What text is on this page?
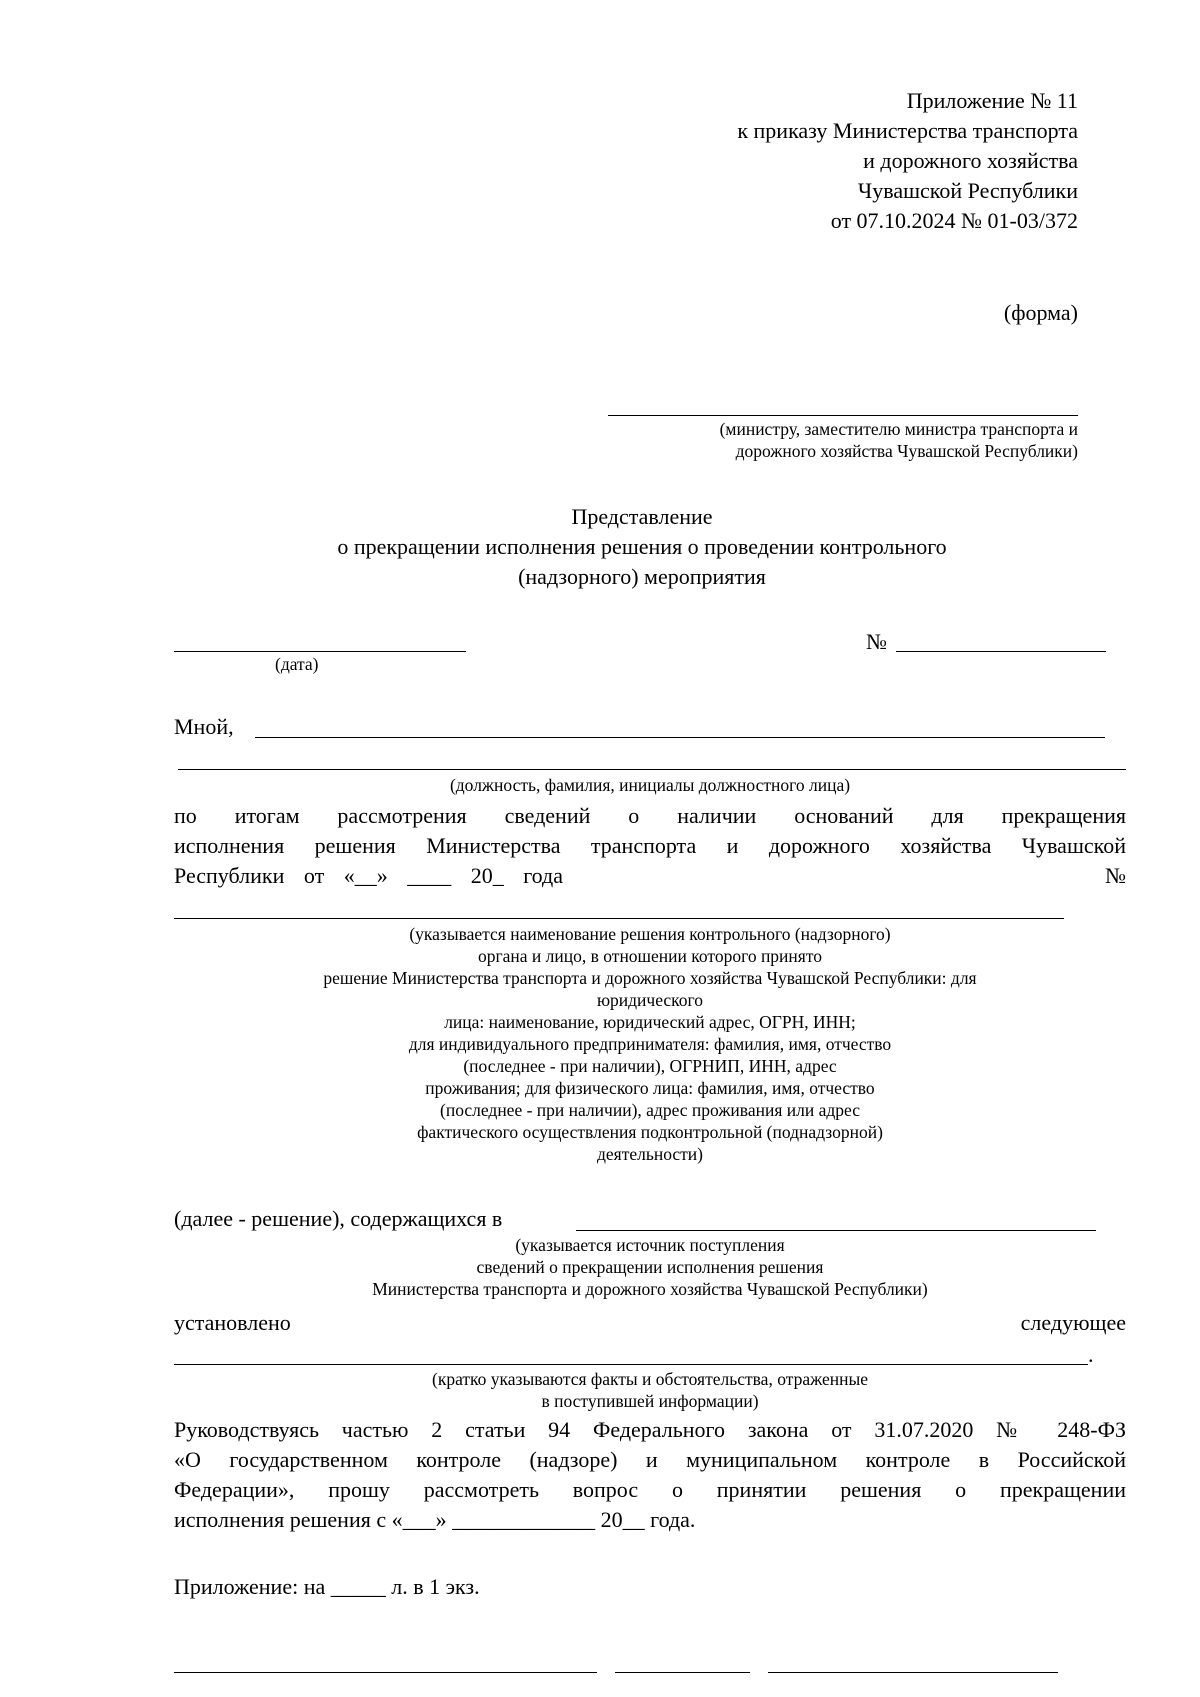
Приложение № 11
к приказу Министерства транспорта
и дорожного хозяйства
Чувашской Республики
от 07.10.2024 № 01-03/372
(форма)
(министру, заместителю министра транспорта и
дорожного хозяйства Чувашской Республики)
Представление
о прекращении исполнения решения о проведении контрольного
(надзорного) мероприятия
(дата)
№
Мной,
(должность, фамилия, инициалы должностного лица)
по итогам рассмотрения сведений о наличии оснований для прекращения
исполнения решения Министерства транспорта и дорожного хозяйства Чувашской
Республики от «__» ____ 20_ года	№
(указывается наименование решения контрольного (надзорного)
органа и лицо, в отношении которого принято
решение Министерства транспорта и дорожного хозяйства Чувашской Республики: для
юридического
лица: наименование, юридический адрес, ОГРН, ИНН;
для индивидуального предпринимателя: фамилия, имя, отчество
(последнее - при наличии), ОГРНИП, ИНН, адрес
проживания; для физического лица: фамилия, имя, отчество
(последнее - при наличии), адрес проживания или адрес
фактического осуществления подконтрольной (поднадзорной)
деятельности)
(далее - решение), содержащихся в
(указывается источник поступления
сведений о прекращении исполнения решения
Министерства транспорта и дорожного хозяйства Чувашской Республики)
установлено	следующее
.
(кратко указываются факты и обстоятельства, отраженные
в поступившей информации)
Руководствуясь частью 2 статьи 94 Федерального закона от 31.07.2020 № 248-ФЗ
«О государственном контроле (надзоре) и муниципальном контроле в Российской
Федерации», прошу рассмотреть вопрос о принятии решения о прекращении
исполнения решения с «___» _____________ 20__ года.
Приложение: на _____ л. в 1 экз.
